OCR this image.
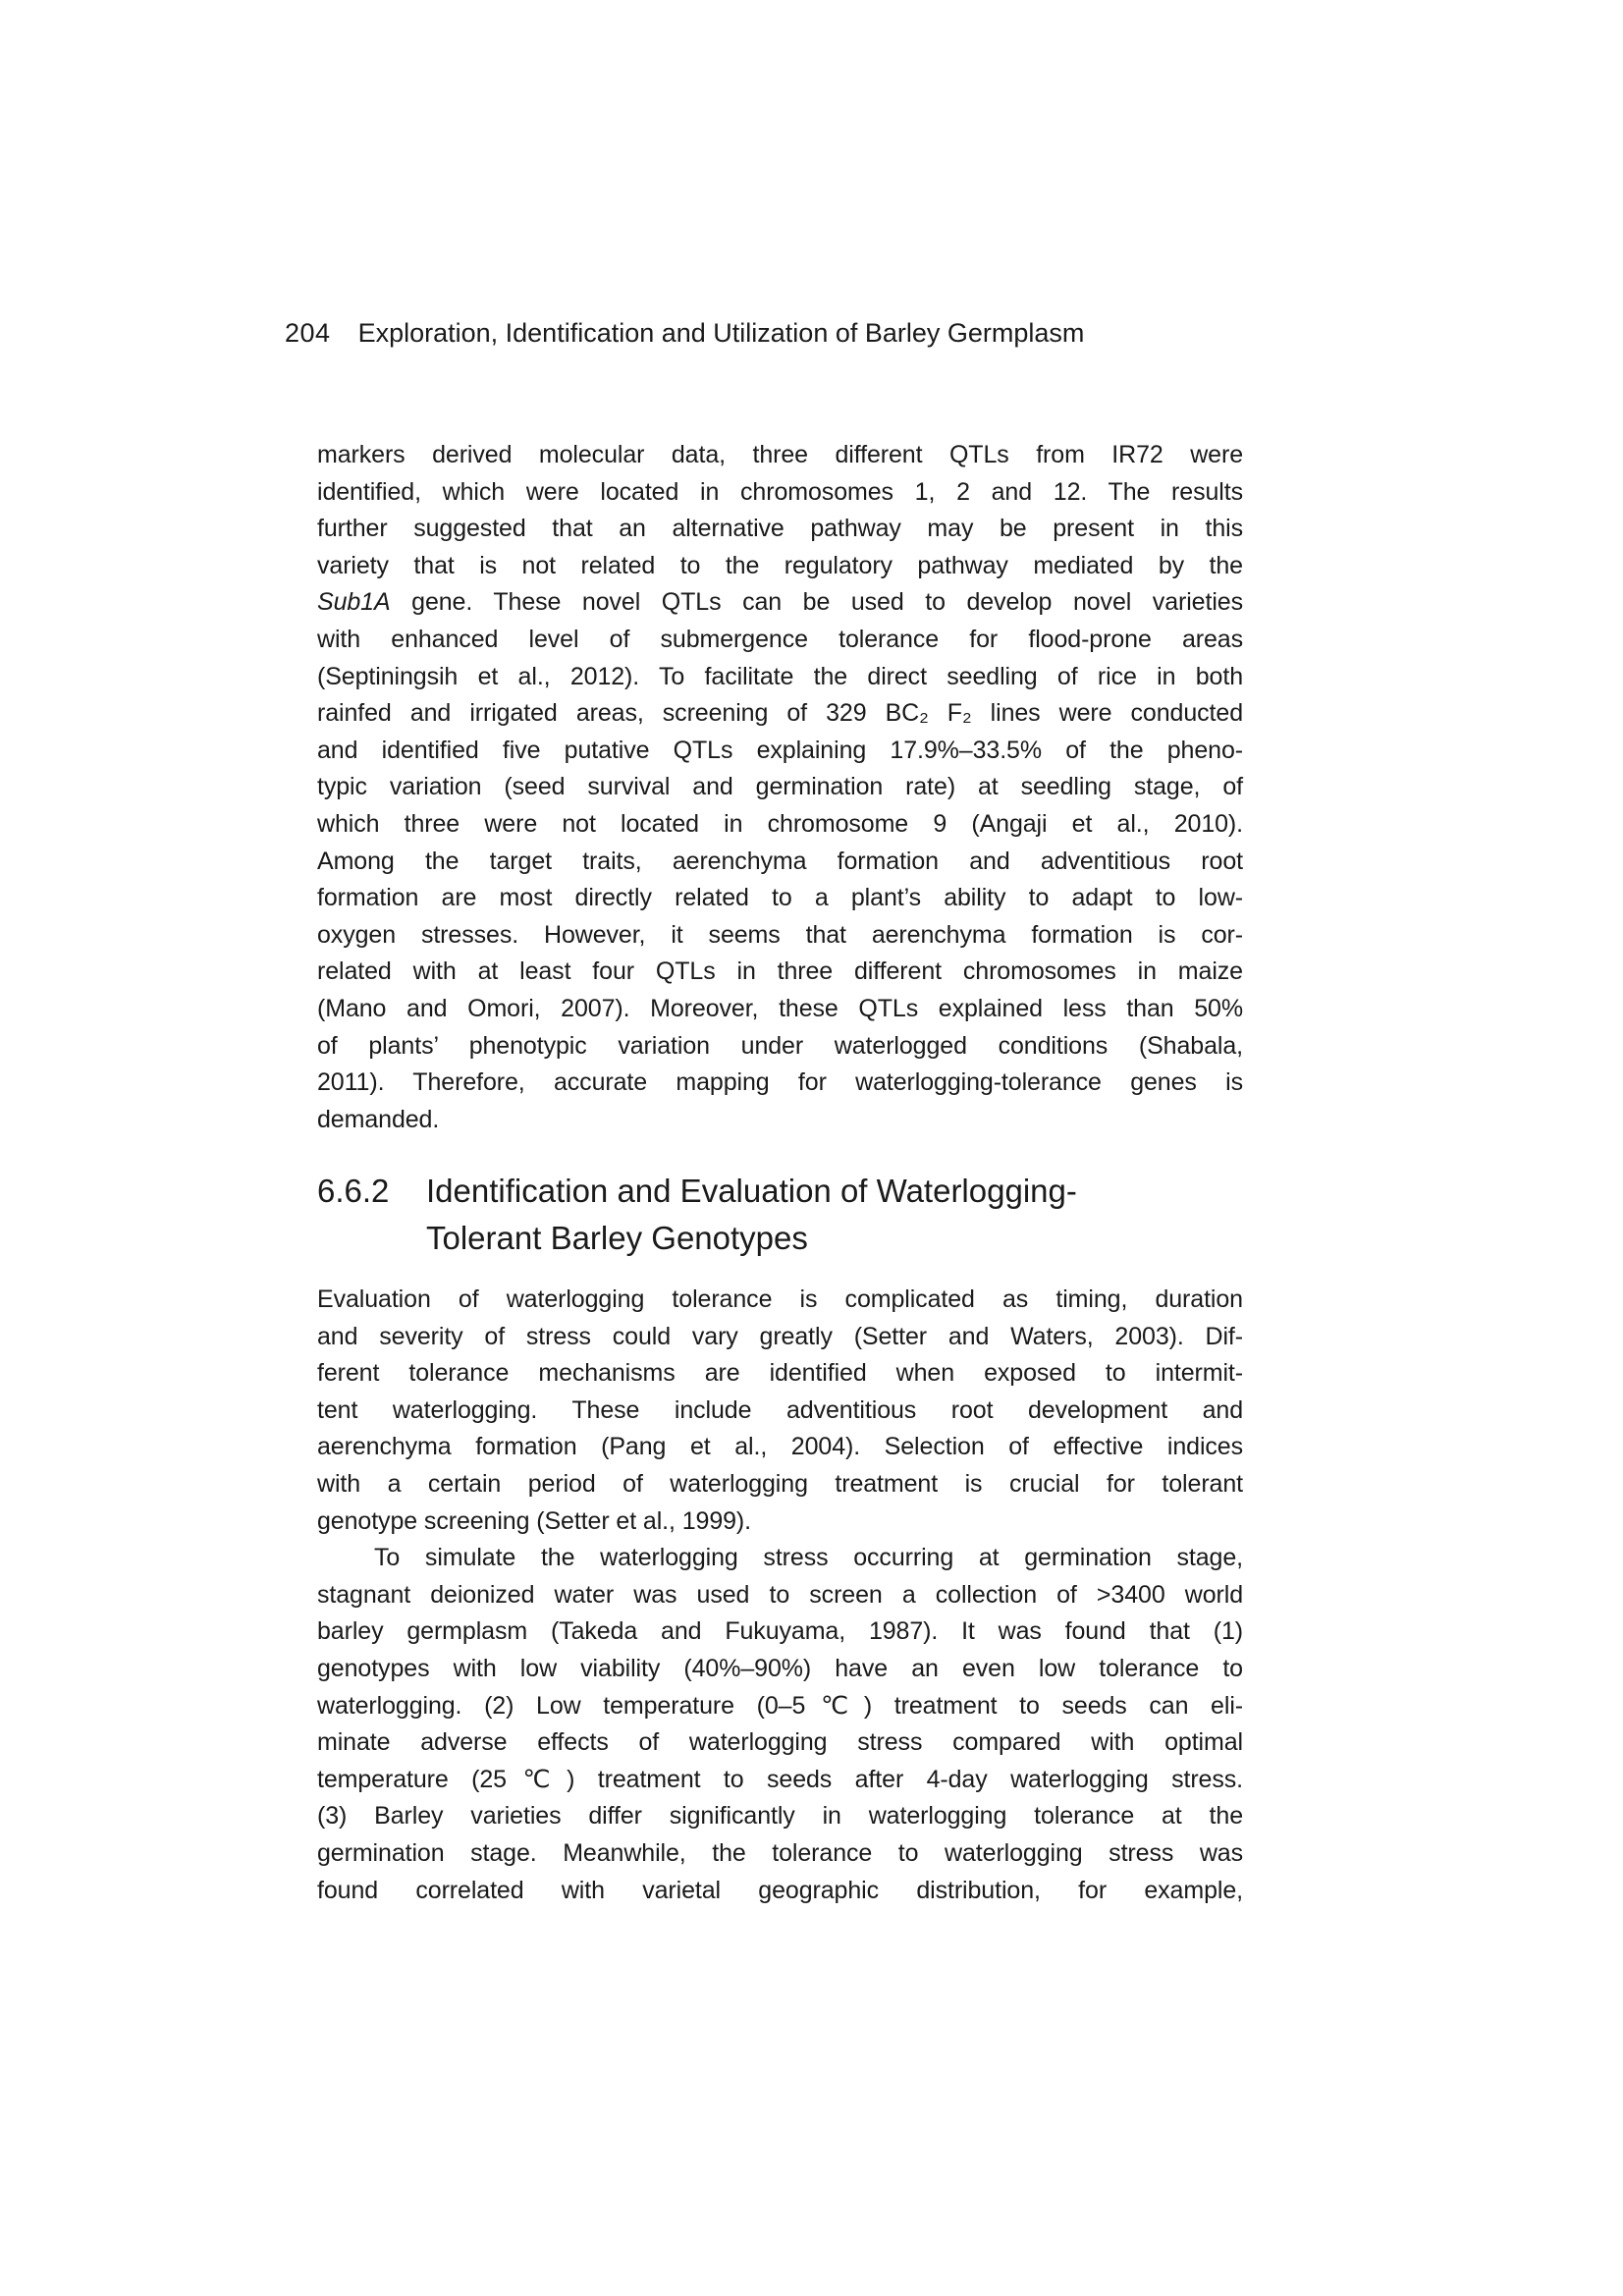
204 Exploration, Identification and Utilization of Barley Germplasm
markers derived molecular data, three different QTLs from IR72 were
identified, which were located in chromosomes 1, 2 and 12. The results
further suggested that an alternative pathway may be present in this
variety that is not related to the regulatory pathway mediated by the
Sub1A gene. These novel QTLs can be used to develop novel varieties
with enhanced level of submergence tolerance for flood-prone areas
(Septiningsih et al., 2012). To facilitate the direct seedling of rice in both
rainfed and irrigated areas, screening of 329 BC₂ F₂ lines were conducted
and identified five putative QTLs explaining 17.9%–33.5% of the pheno-
typic variation (seed survival and germination rate) at seedling stage, of
which three were not located in chromosome 9 (Angaji et al., 2010).
Among the target traits, aerenchyma formation and adventitious root
formation are most directly related to a plant’s ability to adapt to low-
oxygen stresses. However, it seems that aerenchyma formation is cor-
related with at least four QTLs in three different chromosomes in maize
(Mano and Omori, 2007). Moreover, these QTLs explained less than 50%
of plants’ phenotypic variation under waterlogged conditions (Shabala,
2011). Therefore, accurate mapping for waterlogging-tolerance genes is
demanded.
6.6.2	Identification and Evaluation of Waterlogging-
Tolerant Barley Genotypes
Evaluation of waterlogging tolerance is complicated as timing, duration
and severity of stress could vary greatly (Setter and Waters, 2003). Dif-
ferent tolerance mechanisms are identified when exposed to intermit-
tent waterlogging. These include adventitious root development and
aerenchyma formation (Pang et al., 2004). Selection of effective indices
with a certain period of waterlogging treatment is crucial for tolerant
genotype screening (Setter et al., 1999).
To simulate the waterlogging stress occurring at germination stage,
stagnant deionized water was used to screen a collection of >3400 world
barley germplasm (Takeda and Fukuyama, 1987). It was found that (1)
genotypes with low viability (40%–90%) have an even low tolerance to
waterlogging. (2) Low temperature (0–5℃) treatment to seeds can eli-
minate adverse effects of waterlogging stress compared with optimal
temperature (25℃) treatment to seeds after 4-day waterlogging stress.
(3) Barley varieties differ significantly in waterlogging tolerance at the
germination stage. Meanwhile, the tolerance to waterlogging stress was
found correlated with varietal geographic distribution, for example,
